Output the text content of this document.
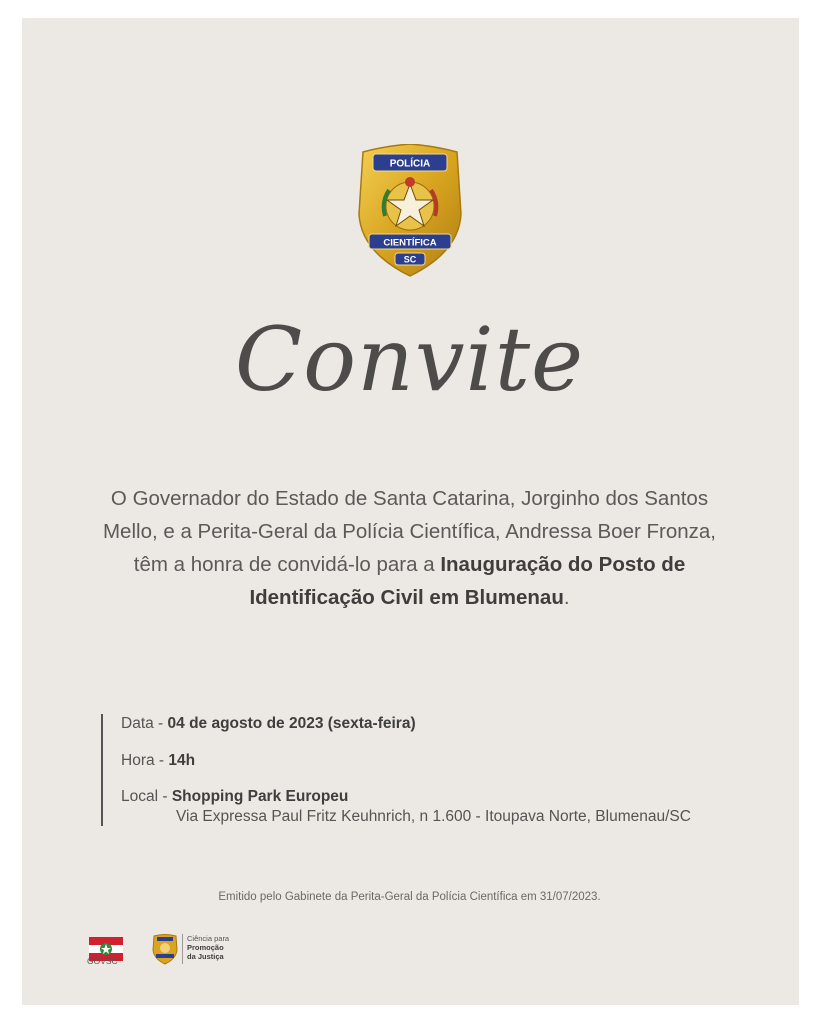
POLÍCIA
CIENTÍFICA
SC
Convite
O Governador do Estado de Santa Catarina, Jorginho dos Santos Mello, e a Perita-Geral da Polícia Científica, Andressa Boer Fronza, têm a honra de convidá-lo para a Inauguração do Posto de Identificação Civil em Blumenau.
Data - 04 de agosto de 2023 (sexta-feira)
Hora - 14h
Local - Shopping Park Europeu
Via Expressa Paul Fritz Keuhnrich, n 1.600 - Itoupava Norte, Blumenau/SC
Emitido pelo Gabinete da Perita-Geral da Polícia Científica em 31/07/2023.
GOVSC
Ciência para
Promoção
da Justiça
